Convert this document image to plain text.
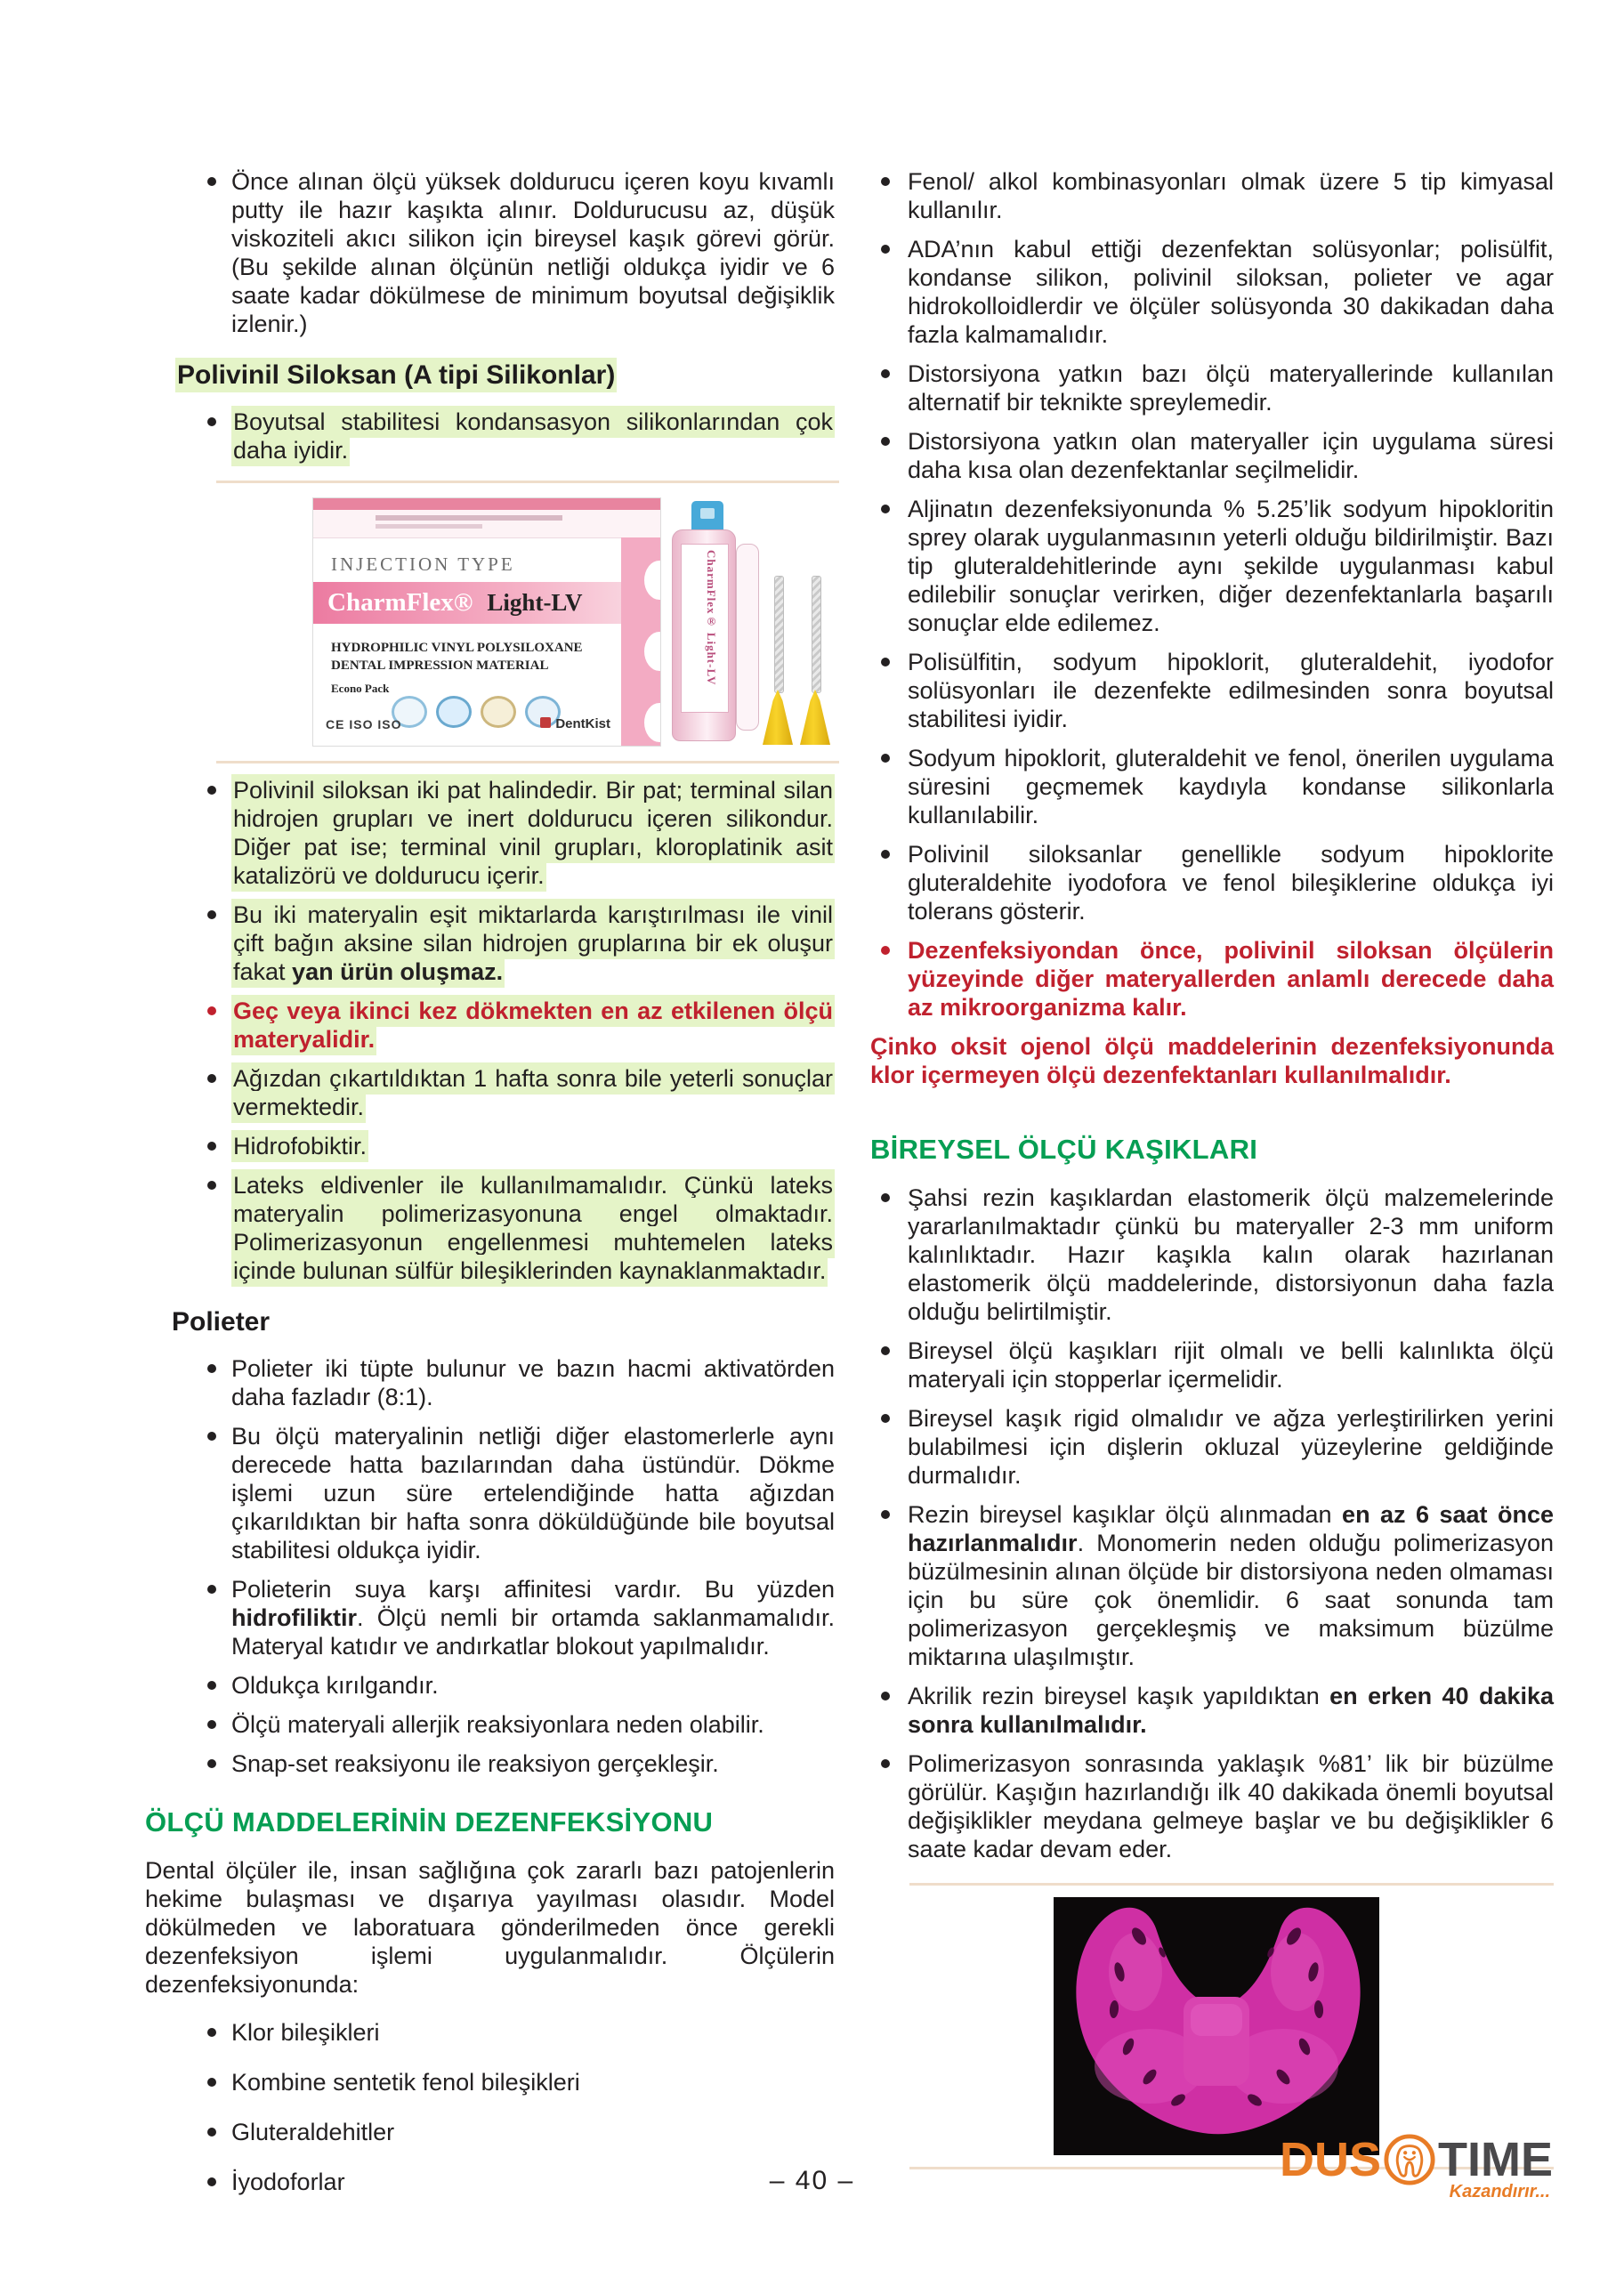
Önce alınan ölçü yüksek doldurucu içeren koyu kıvamlı putty ile hazır kaşıkta alınır. Doldurucusu az, düşük viskoziteli akıcı silikon için bireysel kaşık görevi görür. (Bu şekilde alınan ölçünün netliği oldukça iyidir ve 6 saate kadar dökülmese de minimum boyutsal değişiklik izlenir.)
Polivinil Siloksan (A tipi Silikonlar)
Boyutsal stabilitesi kondansasyon silikonlarından çok daha iyidir.
INJECTION TYPE
CharmFlex® Light-LV
HYDROPHILIC VINYL POLYSILOXANE
DENTAL IMPRESSION MATERIAL
Econo Pack
CE ISO ISO	DentKist
CharmFlex® Light-LV
Polivinil siloksan iki pat halindedir. Bir pat; terminal silan hidrojen grupları ve inert doldurucu içeren silikondur. Diğer pat ise; terminal vinil grupları, kloroplatinik asit katalizörü ve doldurucu içerir.
Bu iki materyalin eşit miktarlarda karıştırılması ile vinil çift bağın aksine silan hidrojen gruplarına bir ek oluşur fakat yan ürün oluşmaz.
Geç veya ikinci kez dökmekten en az etkilenen ölçü materyalidir.
Ağızdan çıkartıldıktan 1 hafta sonra bile yeterli sonuçlar vermektedir.
Hidrofobiktir.
Lateks eldivenler ile kullanılmamalıdır. Çünkü lateks materyalin polimerizasyonuna engel olmaktadır. Polimerizasyonun engellenmesi muhtemelen lateks içinde bulunan sülfür bileşiklerinden kaynaklanmaktadır.
Polieter
Polieter iki tüpte bulunur ve bazın hacmi aktivatörden daha fazladır (8:1).
Bu ölçü materyalinin netliği diğer elastomerlerle aynı derecede hatta bazılarından daha üstündür. Dökme işlemi uzun süre ertelendiğinde hatta ağızdan çıkarıldıktan bir hafta sonra döküldüğünde bile boyutsal stabilitesi oldukça iyidir.
Polieterin suya karşı affinitesi vardır. Bu yüzden hidrofiliktir. Ölçü nemli bir ortamda saklanmamalıdır. Materyal katıdır ve andırkatlar blokout yapılmalıdır.
Oldukça kırılgandır.
Ölçü materyali allerjik reaksiyonlara neden olabilir.
Snap-set reaksiyonu ile reaksiyon gerçekleşir.
ÖLÇÜ MADDELERİNİN DEZENFEKSİYONU

Dental ölçüler ile, insan sağlığına çok zararlı bazı patojenlerin hekime bulaşması ve dışarıya yayılması olasıdır. Model dökülmeden ve laboratuara gönderilmeden önce gerekli dezenfeksiyon işlemi uygulanmalıdır. Ölçülerin dezenfeksiyonunda:

Klor bileşikleri
Kombine sentetik fenol bileşikleri
Gluteraldehitler
İyodoforlar
Fenol/ alkol kombinasyonları olmak üzere 5 tip kimyasal kullanılır.
ADA’nın kabul ettiği dezenfektan solüsyonlar; polisülfit, kondanse silikon, polivinil siloksan, polieter ve agar hidrokolloidlerdir ve ölçüler solüsyonda 30 dakikadan daha fazla kalmamalıdır.
Distorsiyona yatkın bazı ölçü materyallerinde kullanılan alternatif bir teknikte spreylemedir.
Distorsiyona yatkın olan materyaller için uygulama süresi daha kısa olan dezenfektanlar seçilmelidir.
Aljinatın dezenfeksiyonunda % 5.25’lik sodyum hipokloritin sprey olarak uygulanmasının yeterli olduğu bildirilmiştir. Bazı tip gluteraldehitlerinde aynı şekilde uygulanması kabul edilebilir sonuçlar verirken, diğer dezenfektanlarla başarılı sonuçlar elde edilemez.
Polisülfitin, sodyum hipoklorit, gluteraldehit, iyodofor solüsyonları ile dezenfekte edilmesinden sonra boyutsal stabilitesi iyidir.
Sodyum hipoklorit, gluteraldehit ve fenol, önerilen uygulama süresini geçmemek kaydıyla kondanse silikonlarla kullanılabilir.
Polivinil siloksanlar genellikle sodyum hipoklorite gluteraldehite iyodofora ve fenol bileşiklerine oldukça iyi tolerans gösterir.
Dezenfeksiyondan önce, polivinil siloksan ölçülerin yüzeyinde diğer materyallerden anlamlı derecede daha az mikroorganizma kalır.

Çinko oksit ojenol ölçü maddelerinin dezenfeksiyonunda klor içermeyen ölçü dezenfektanları kullanılmalıdır.

BİREYSEL ÖLÇÜ KAŞIKLARI
Şahsi rezin kaşıklardan elastomerik ölçü malzemelerinde yararlanılmaktadır çünkü bu materyaller 2-3 mm uniform kalınlıktadır. Hazır kaşıkla kalın olarak hazırlanan elastomerik ölçü maddelerinde, distorsiyonun daha fazla olduğu belirtilmiştir.
Bireysel ölçü kaşıkları rijit olmalı ve belli kalınlıkta ölçü materyali için stopperlar içermelidir.
Bireysel kaşık rigid olmalıdır ve ağza yerleştirilirken yerini bulabilmesi için dişlerin okluzal yüzeylerine geldiğinde durmalıdır.
Rezin bireysel kaşıklar ölçü alınmadan en az 6 saat önce hazırlanmalıdır. Monomerin neden olduğu polimerizasyon büzülmesinin alınan ölçüde bir distorsiyona neden olmaması için bu süre çok önemlidir. 6 saat sonunda tam polimerizasyon gerçekleşmiş ve maksimum büzülme miktarına ulaşılmıştır.
Akrilik rezin bireysel kaşık yapıldıktan en erken 40 dakika sonra kullanılmalıdır.
Polimerizasyon sonrasında yaklaşık %81’ lik bir büzülme görülür. Kaşığın hazırlandığı ilk 40 dakikada önemli boyutsal değişiklikler meydana gelmeye başlar ve bu değişiklikler 6 saate kadar devam eder.
– 40 –	DUS TIME
Kazandırır...
